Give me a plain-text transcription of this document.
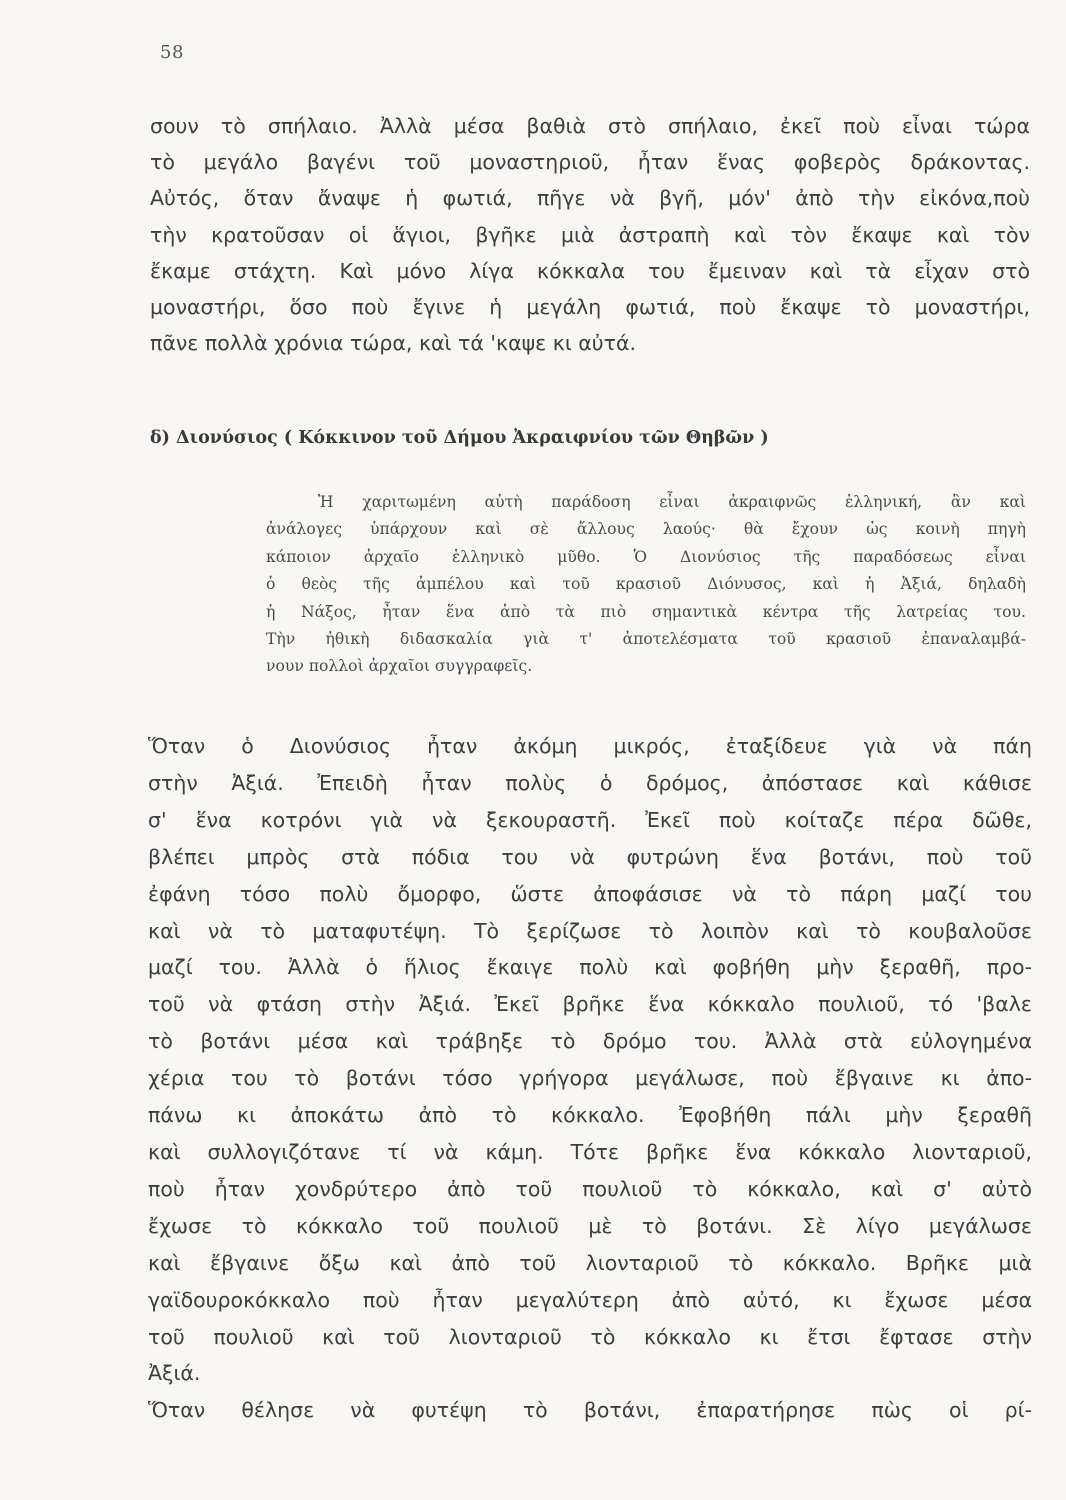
58
σουν τὸ σπήλαιο. Ἀλλὰ μέσα βαθιὰ στὸ σπήλαιο, ἐκεῖ ποὺ εἶναι τώρα
τὸ μεγάλο βαγένι τοῦ μοναστηριοῦ, ἦταν ἕνας φοβερὸς δράκοντας.
Αὐτός, ὅταν ἄναψε ἡ φωτιά, πῆγε νὰ βγῆ, μόν' ἀπὸ τὴν εἰκόνα,ποὺ
τὴν κρατοῦσαν οἱ ἅγιοι, βγῆκε μιὰ ἀστραπὴ καὶ τὸν ἔκαψε καὶ τὸν
ἔκαμε στάχτη. Καὶ μόνο λίγα κόκκαλα του ἔμειναν καὶ τὰ εἶχαν στὸ
μοναστήρι, ὅσο ποὺ ἔγινε ἡ μεγάλη φωτιά, ποὺ ἔκαψε τὸ μοναστήρι,
πᾶνε πολλὰ χρόνια τώρα, καὶ τά 'καψε κι αὐτά.
δ) Διονύσιος ( Κόκκινον τοῦ Δήμου Ἀκραιφνίου τῶν Θηβῶν )
Ἡ χαριτωμένη αὐτὴ παράδοση εἶναι ἀκραιφνῶς ἑλληνική, ἂν καὶ
ἀνάλογες ὑπάρχουν καὶ σὲ ἄλλους λαούς· θὰ ἔχουν ὡς κοινὴ πηγὴ
κάποιον ἀρχαῖο ἑλληνικὸ μῦθο. Ὁ Διονύσιος τῆς παραδόσεως εἶναι
ὁ θεὸς τῆς ἀμπέλου καὶ τοῦ κρασιοῦ Διόνυσος, καὶ ἡ Ἀξιά, δηλαδὴ
ἡ Νάξος, ἦταν ἕνα ἀπὸ τὰ πιὸ σημαντικὰ κέντρα τῆς λατρείας του.
Τὴν ἠθικὴ διδασκαλία γιὰ τ' ἀποτελέσματα τοῦ κρασιοῦ ἐπαναλαμβά-
νουν πολλοὶ ἀρχαῖοι συγγραφεῖς.
Ὅταν ὁ Διονύσιος ἦταν ἀκόμη μικρός, ἐταξίδευε γιὰ νὰ πάη
στὴν Ἀξιά. Ἐπειδὴ ἦταν πολὺς ὁ δρόμος, ἀπόστασε καὶ κάθισε
σ' ἕνα κοτρόνι γιὰ νὰ ξεκουραστῆ. Ἐκεῖ ποὺ κοίταζε πέρα δῶθε,
βλέπει μπρὸς στὰ πόδια του νὰ φυτρώνη ἕνα βοτάνι, ποὺ τοῦ
ἐφάνη τόσο πολὺ ὄμορφο, ὥστε ἀποφάσισε νὰ τὸ πάρη μαζί του
καὶ νὰ τὸ ματαφυτέψη. Τὸ ξερίζωσε τὸ λοιπὸν καὶ τὸ κουβαλοῦσε
μαζί του. Ἀλλὰ ὁ ἥλιος ἔκαιγε πολὺ καὶ φοβήθη μὴν ξεραθῆ, προ-
τοῦ νὰ φτάση στὴν Ἀξιά. Ἐκεῖ βρῆκε ἕνα κόκκαλο πουλιοῦ, τό 'βαλε
τὸ βοτάνι μέσα καὶ τράβηξε τὸ δρόμο του. Ἀλλὰ στὰ εὐλογημένα
χέρια του τὸ βοτάνι τόσο γρήγορα μεγάλωσε, ποὺ ἔβγαινε κι ἀπο-
πάνω κι ἀποκάτω ἀπὸ τὸ κόκκαλο. Ἐφοβήθη πάλι μὴν ξεραθῆ
καὶ συλλογιζότανε τί νὰ κάμη. Τότε βρῆκε ἕνα κόκκαλο λιονταριοῦ,
ποὺ ἦταν χονδρύτερο ἀπὸ τοῦ πουλιοῦ τὸ κόκκαλο, καὶ σ' αὐτὸ
ἔχωσε τὸ κόκκαλο τοῦ πουλιοῦ μὲ τὸ βοτάνι. Σὲ λίγο μεγάλωσε
καὶ ἔβγαινε ὄξω καὶ ἀπὸ τοῦ λιονταριοῦ τὸ κόκκαλο. Βρῆκε μιὰ
γαϊδουροκόκκαλο ποὺ ἦταν μεγαλύτερη ἀπὸ αὐτό, κι ἔχωσε μέσα
τοῦ πουλιοῦ καὶ τοῦ λιονταριοῦ τὸ κόκκαλο κι ἔτσι ἔφτασε στὴν
Ἀξιά.
Ὅταν θέλησε νὰ φυτέψη τὸ βοτάνι, ἐπαρατήρησε πὼς οἱ ρί-
